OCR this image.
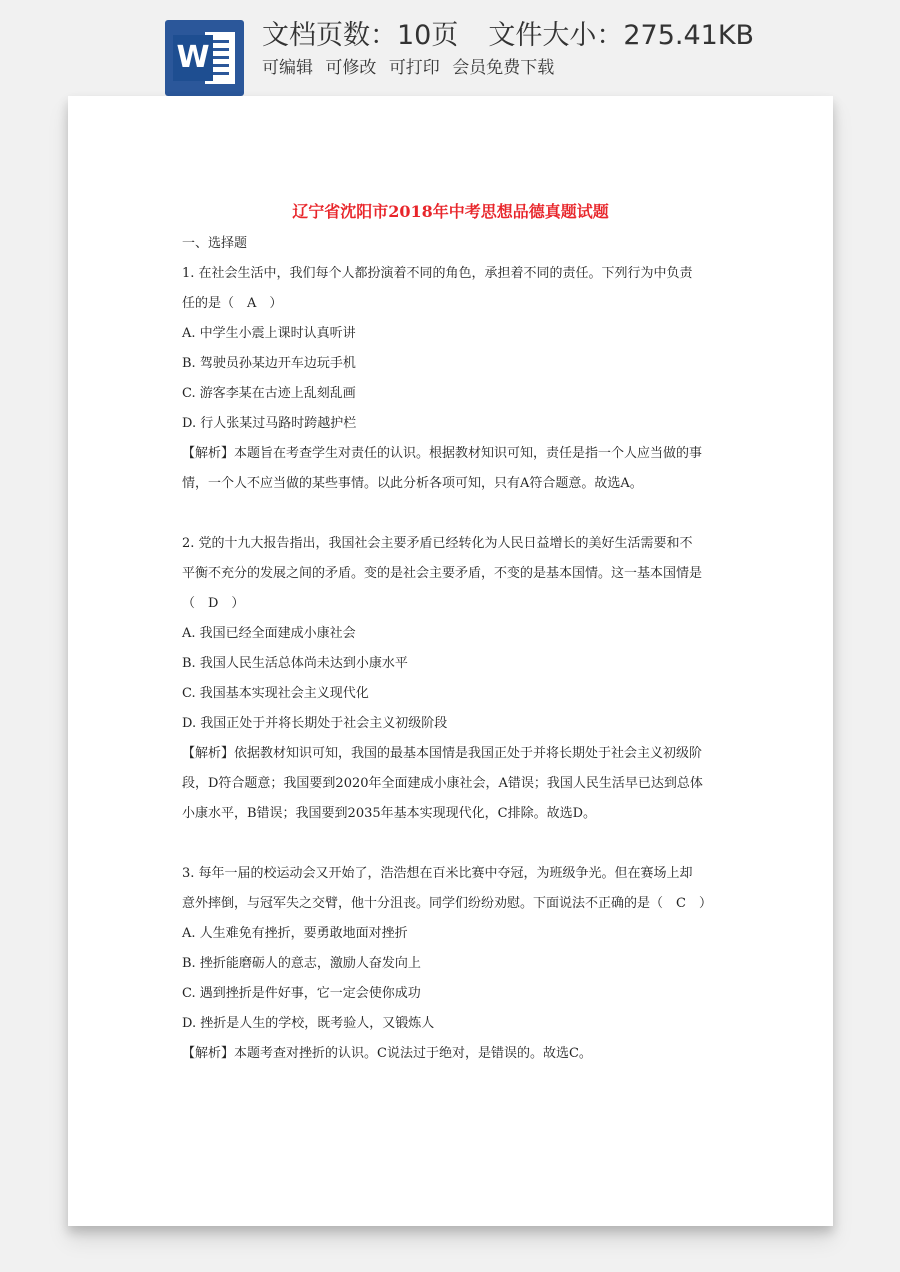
W
文档页数：10页 文件大小：275.41KB
可编辑 可修改 可打印 会员免费下载
辽宁省沈阳市2018年中考思想品德真题试题
一、选择题
1. 在社会生活中，我们每个人都扮演着不同的角色，承担着不同的责任。下列行为中负责
任的是（　A　）
A. 中学生小震上课时认真听讲
B. 驾驶员孙某边开车边玩手机
C. 游客李某在古迹上乱刻乱画
D. 行人张某过马路时跨越护栏
【解析】本题旨在考查学生对责任的认识。根据教材知识可知，责任是指一个人应当做的事
情，一个人不应当做的某些事情。以此分析各项可知，只有A符合题意。故选A。
2. 党的十九大报告指出，我国社会主要矛盾已经转化为人民日益增长的美好生活需要和不
平衡不充分的发展之间的矛盾。变的是社会主要矛盾，不变的是基本国情。这一基本国情是
（　D　）
A. 我国已经全面建成小康社会
B. 我国人民生活总体尚未达到小康水平
C. 我国基本实现社会主义现代化
D. 我国正处于并将长期处于社会主义初级阶段
【解析】依据教材知识可知，我国的最基本国情是我国正处于并将长期处于社会主义初级阶
段，D符合题意；我国要到2020年全面建成小康社会，A错误；我国人民生活早已达到总体
小康水平，B错误；我国要到2035年基本实现现代化，C排除。故选D。
3. 每年一届的校运动会又开始了，浩浩想在百米比赛中夺冠，为班级争光。但在赛场上却
意外摔倒，与冠军失之交臂，他十分沮丧。同学们纷纷劝慰。下面说法不正确的是（　C　）
A. 人生难免有挫折，要勇敢地面对挫折
B. 挫折能磨砺人的意志，激励人奋发向上
C. 遇到挫折是件好事，它一定会使你成功
D. 挫折是人生的学校，既考验人，又锻炼人
【解析】本题考查对挫折的认识。C说法过于绝对，是错误的。故选C。
